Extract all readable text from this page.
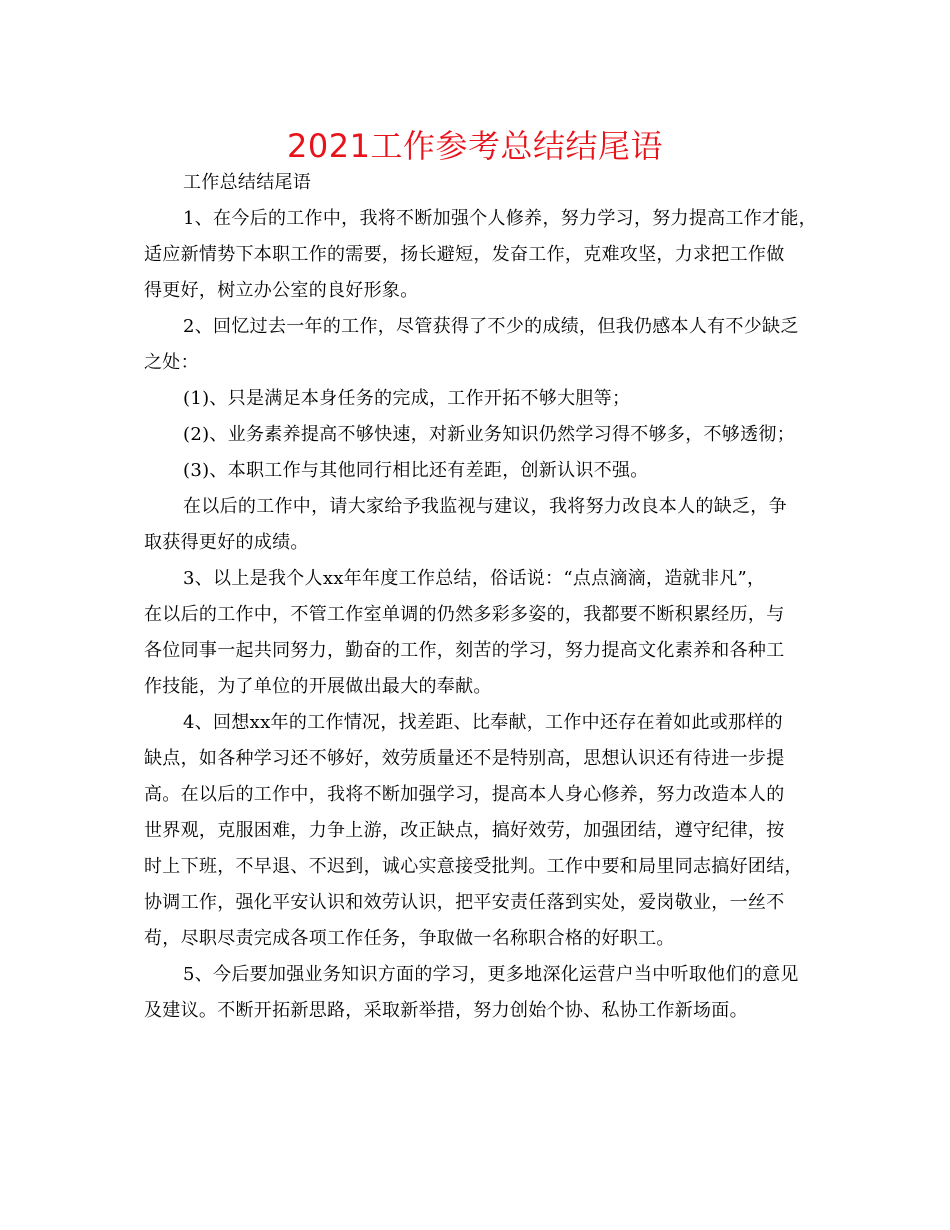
2021工作参考总结结尾语
工作总结结尾语
1、在今后的工作中，我将不断加强个人修养，努力学习，努力提高工作才能，
适应新情势下本职工作的需要，扬长避短，发奋工作，克难攻坚，力求把工作做
得更好，树立办公室的良好形象。
2、回忆过去一年的工作，尽管获得了不少的成绩，但我仍感本人有不少缺乏
之处：
(1)、只是满足本身任务的完成，工作开拓不够大胆等；
(2)、业务素养提高不够快速，对新业务知识仍然学习得不够多，不够透彻；
(3)、本职工作与其他同行相比还有差距，创新认识不强。
在以后的工作中，请大家给予我监视与建议，我将努力改良本人的缺乏，争
取获得更好的成绩。
3、以上是我个人xx年年度工作总结，俗话说：“点点滴滴，造就非凡”，
在以后的工作中，不管工作室单调的仍然多彩多姿的，我都要不断积累经历，与
各位同事一起共同努力，勤奋的工作，刻苦的学习，努力提高文化素养和各种工
作技能，为了单位的开展做出最大的奉献。
4、回想xx年的工作情况，找差距、比奉献，工作中还存在着如此或那样的
缺点，如各种学习还不够好，效劳质量还不是特别高，思想认识还有待进一步提
高。在以后的工作中，我将不断加强学习，提高本人身心修养，努力改造本人的
世界观，克服困难，力争上游，改正缺点，搞好效劳，加强团结，遵守纪律，按
时上下班，不早退、不迟到，诚心实意接受批判。工作中要和局里同志搞好团结，
协调工作，强化平安认识和效劳认识，把平安责任落到实处，爱岗敬业，一丝不
苟，尽职尽责完成各项工作任务，争取做一名称职合格的好职工。
5、今后要加强业务知识方面的学习，更多地深化运营户当中听取他们的意见
及建议。不断开拓新思路，采取新举措，努力创始个协、私协工作新场面。
